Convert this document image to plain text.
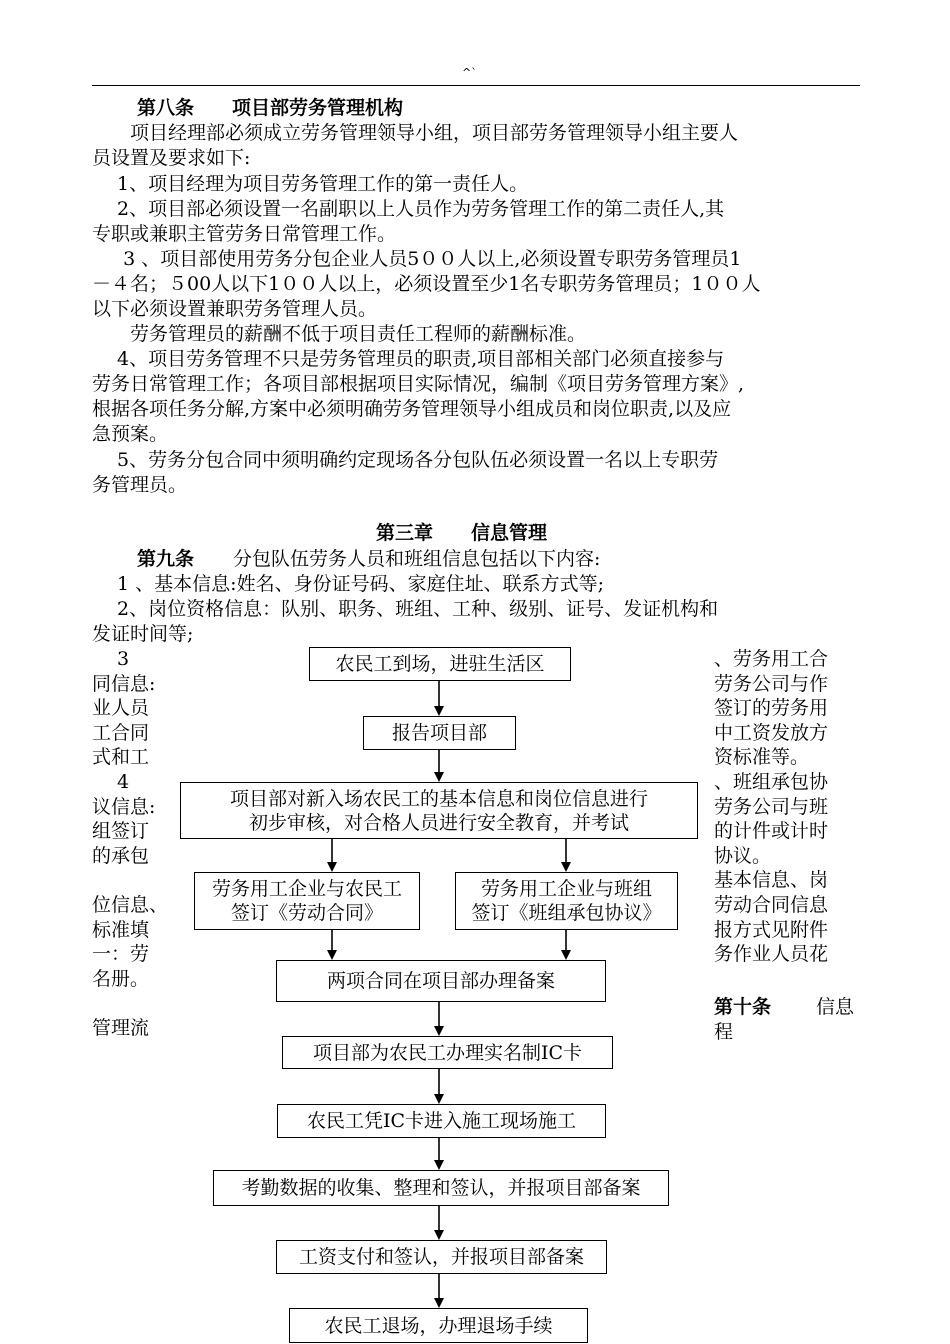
^`
第八条　　项目部劳务管理机构
　　项目经理部必须成立劳务管理领导小组，项目部劳务管理领导小组主要人
员设置及要求如下:
　 1、项目经理为项目劳务管理工作的第一责任人。
　 2、项目部必须设置一名副职以上人员作为劳务管理工作的第二责任人,其
专职或兼职主管劳务日常管理工作。
　  3 、项目部使用劳务分包企业人员5００人以上,必须设置专职劳务管理员1
－４名；５00人以下1００人以上，必须设置至少1名专职劳务管理员；1００人
以下必须设置兼职劳务管理人员。
　　劳务管理员的薪酬不低于项目责任工程师的薪酬标准。
　 4、项目劳务管理不只是劳务管理员的职责,项目部相关部门必须直接参与
劳务日常管理工作；各项目部根据项目实际情况，编制《项目劳务管理方案》,
根据各项任务分解,方案中必须明确劳务管理领导小组成员和岗位职责,以及应
急预案。
　 5、劳务分包合同中须明确约定现场各分包队伍必须设置一名以上专职劳
务管理员。
第三章　　信息管理
第九条	　分包队伍劳务人员和班组信息包括以下内容:
　 1 、基本信息:姓名、身份证号码、家庭住址、联系方式等;
　 2、岗位资格信息：队别、职务、班组、工种、级别、证号、发证机构和
发证时间等;
　 3
同信息:
业人员
工合同
式和工
　 4
议信息:
组签订
的承包
位信息、
标准填
一：劳
名册。
管理流
、劳务用工合
劳务公司与作
签订的劳务用
中工资发放方
资标准等。
、班组承包协
劳务公司与班
的计件或计时
协议。
基本信息、岗
劳动合同信息
报方式见附件
务作业人员花
第十条 　　信息
程
农民工到场，进驻生活区
报告项目部
项目部对新入场农民工的基本信息和岗位信息进行
初步审核，对合格人员进行安全教育，并考试
劳务用工企业与农民工
签订《劳动合同》
劳务用工企业与班组
签订《班组承包协议》
两项合同在项目部办理备案
项目部为农民工办理实名制IC卡
农民工凭IC卡进入施工现场施工
考勤数据的收集、整理和签认，并报项目部备案
工资支付和签认，并报项目部备案
农民工退场，办理退场手续
